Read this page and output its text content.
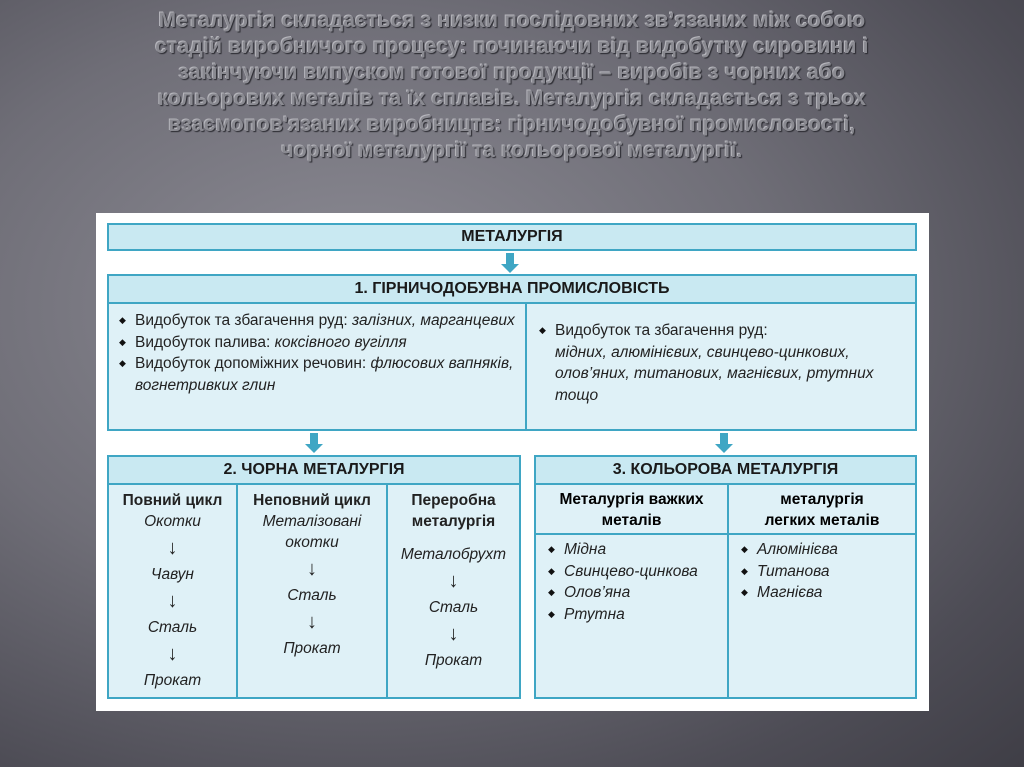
Металургія складається з низки послідовних зв’язаних між собою
стадій виробничого процесу: починаючи від видобутку сировини і
закінчуючи випуском готової продукції – виробів з чорних або
кольорових металів та їх сплавів. Металургія складається з трьох
взаємопов'язаних виробництв: гірничодобувної промисловості,
чорної металургії та кольорової металургії.
МЕТАЛУРГІЯ
1. ГІРНИЧОДОБУВНА ПРОМИСЛОВІСТЬ
◆ Видобуток та збагачення руд: залізних, марганцевих
◆ Видобуток палива: коксівного вугілля
◆ Видобуток допоміжних речовин: флюсових вапняків, вогнетривких глин
◆ Видобуток та збагачення руд:
мідних, алюмінієвих, свинцево-цинкових, олов’яних, титанових, магнієвих, ртутних тощо
2. ЧОРНА МЕТАЛУРГІЯ
Повний цикл
Окотки
↓
Чавун
↓
Сталь
↓
Прокат
Неповний цикл
Металізовані окотки
↓
Сталь
↓
Прокат
Переробна металургія
Металобрухт
↓
Сталь
↓
Прокат
3. КОЛЬОРОВА МЕТАЛУРГІЯ
Металургія важких металів
◆ Мідна
◆ Свинцево-цинкова
◆ Олов’яна
◆ Ртутна
металургія легких металів
◆ Алюмінієва
◆ Титанова
◆ Магнієва
